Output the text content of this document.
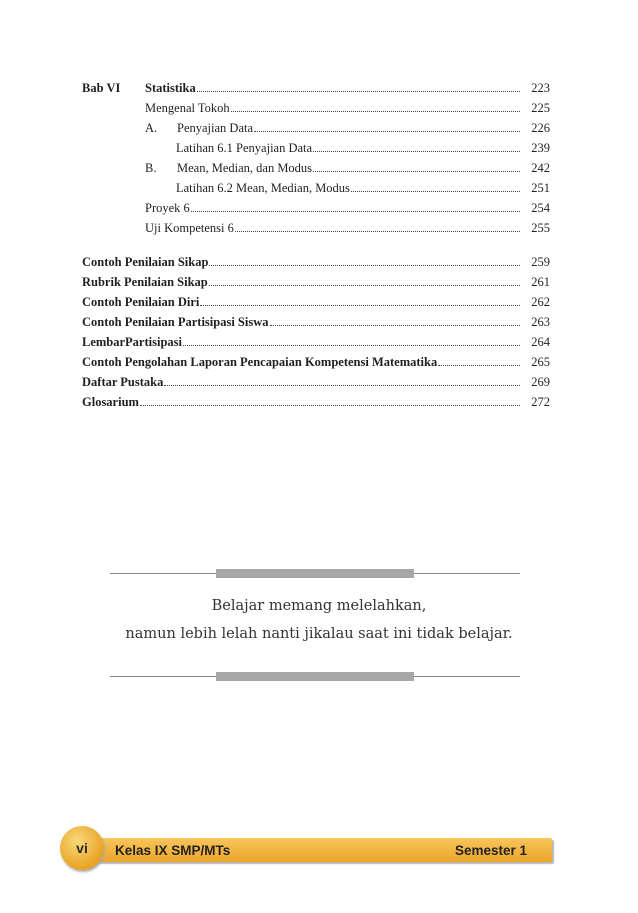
Bab VI Statistika	223
Mengenal Tokoh	225
A.	Penyajian Data	226
Latihan 6.1 Penyajian Data	239
B.	Mean, Median, dan Modus	242
Latihan 6.2 Mean, Median, Modus	251
Proyek 6	254
Uji Kompetensi 6	255
Contoh Penilaian Sikap	259
Rubrik Penilaian Sikap	261
Contoh Penilaian Diri	262
Contoh Penilaian Partisipasi Siswa	263
LembarPartisipasi	264
Contoh Pengolahan Laporan Pencapaian Kompetensi Matematika	265
Daftar Pustaka	269
Glosarium	272
Belajar memang melelahkan,
namun lebih lelah nanti jikalau saat ini tidak belajar.
vi	Kelas IX SMP/MTs	Semester 1
